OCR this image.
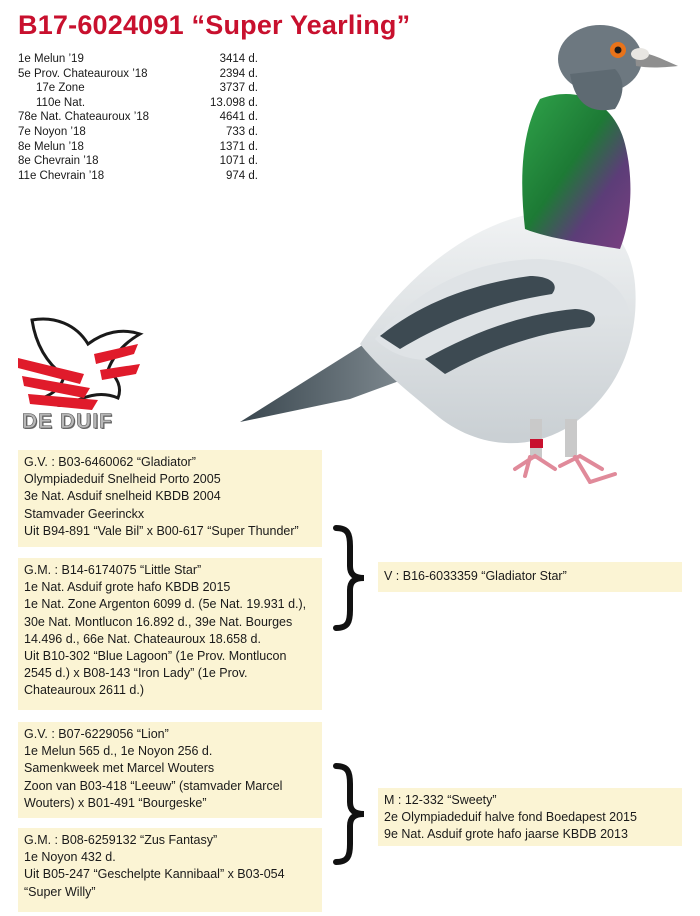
B17-6024091 “Super Yearling”
1e Melun ’19	3414 d.
5e Prov. Chateauroux ’18	2394 d.
17e Zone	3737 d.
110e Nat.	13.098 d.
78e Nat. Chateauroux ’18	4641 d.
7e Noyon ’18	733 d.
8e Melun ’18	1371 d.
8e Chevrain ’18	1071 d.
11e Chevrain ’18	974 d.
DE DUIF

G.V. : B03-6460062 “Gladiator”

Olympiadeduif Snelheid Porto 2005

3e Nat. Asduif snelheid KBDB 2004

Stamvader Geerinckx

Uit B94-891 “Vale Bil” x B00-617 “Super Thunder”

G.M. : B14-6174075 “Little Star”

1e Nat. Asduif grote hafo KBDB 2015

1e Nat. Zone Argenton 6099 d. (5e Nat. 19.931 d.),

30e Nat. Montlucon 16.892 d., 39e Nat. Bourges

14.496 d., 66e Nat. Chateauroux 18.658 d.

Uit B10-302 “Blue Lagoon” (1e Prov. Montlucon

2545 d.) x B08-143 “Iron Lady” (1e Prov.

Chateauroux 2611 d.)

V : B16-6033359 “Gladiator Star”

G.V. : B07-6229056 “Lion”

1e Melun 565 d., 1e Noyon 256 d.

Samenkweek met Marcel Wouters

Zoon van B03-418 “Leeuw” (stamvader Marcel

Wouters) x B01-491 “Bourgeske”

G.M. : B08-6259132 “Zus Fantasy”

1e Noyon 432 d.

Uit B05-247 “Geschelpte Kannibaal” x B03-054

“Super Willy”

M : 12-332 “Sweety”

2e Olympiadeduif halve fond Boedapest 2015

9e Nat. Asduif grote hafo jaarse KBDB 2013
